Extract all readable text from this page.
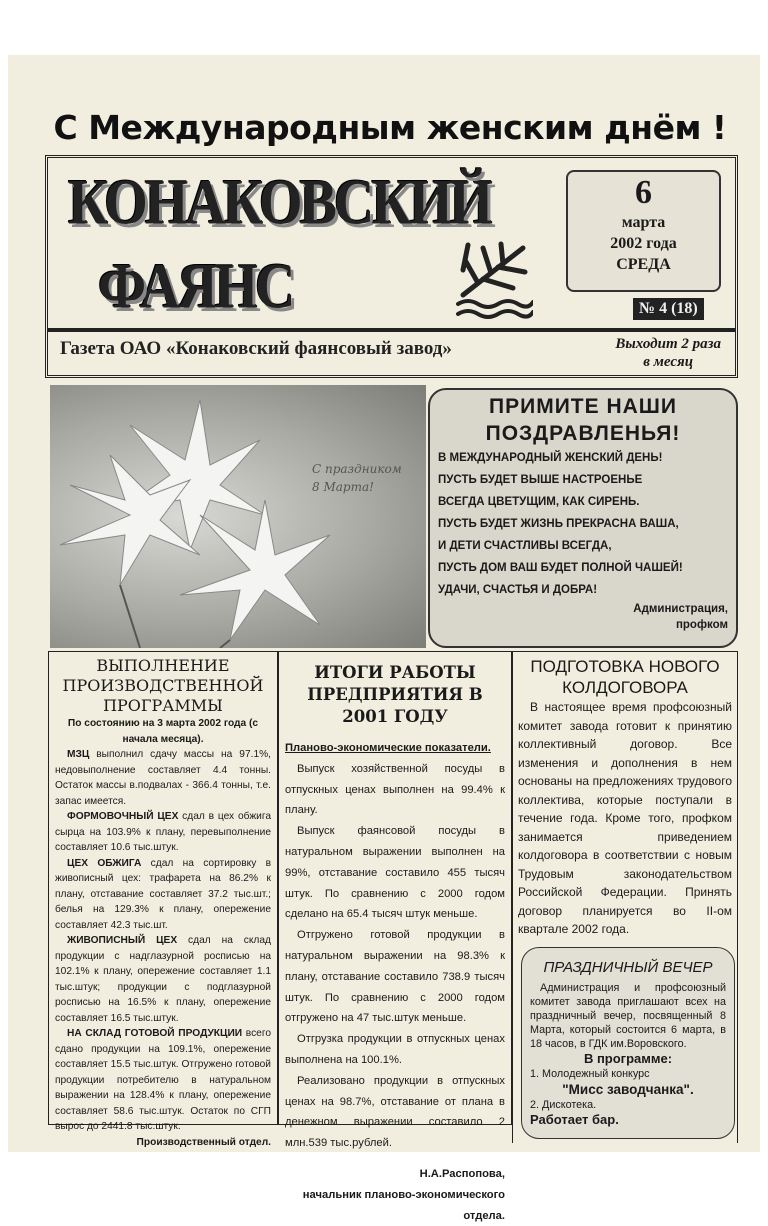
С Международным женским днём !
КОНАКОВСКИЙ
ФАЯНС
6
марта
2002 года
СРЕДА
№ 4 (18)
Газета ОАО «Конаковский фаянсовый завод»	Выходит 2 раза
в месяц
С праздником
8 Марта!
ПРИМИТЕ НАШИ
ПОЗДРАВЛЕНЬЯ!

В МЕЖДУНАРОДНЫЙ ЖЕНСКИЙ ДЕНЬ!
ПУСТЬ БУДЕТ ВЫШЕ НАСТРОЕНЬЕ
ВСЕГДА ЦВЕТУЩИМ, КАК СИРЕНЬ.
ПУСТЬ БУДЕТ ЖИЗНЬ ПРЕКРАСНА ВАША,
И ДЕТИ СЧАСТЛИВЫ ВСЕГДА,
ПУСТЬ ДОМ ВАШ БУДЕТ ПОЛНОЙ ЧАШЕЙ!
УДАЧИ, СЧАСТЬЯ И ДОБРА!

Администрация,
профком
ВЫПОЛНЕНИЕ ПРОИЗВОДСТВЕННОЙ ПРОГРАММЫ

По состоянию на 3 марта 2002 года (с начала месяца).

МЗЦ выполнил сдачу массы на 97.1%, недовыполнение составляет 4.4 тонны. Остаток массы в.подвалах - 366.4 тонны, т.е. запас имеется.

ФОРМОВОЧНЫЙ ЦЕХ сдал в цех обжига сырца на 103.9% к плану, перевыполнение составляет 10.6 тыс.штук.

ЦЕХ ОБЖИГА сдал на сортировку в живописный цех: трафарета на 86.2% к плану, отставание составляет 37.2 тыс.шт.; белья на 129.3% к плану, опережение составляет 42.3 тыс.шт.

ЖИВОПИСНЫЙ ЦЕХ сдал на склад продукции с надглазурной росписью на 102.1% к плану, опережение составляет 1.1 тыс.штук; продукции с подглазурной росписью на 16.5% к плану, опережение составляет 16.5 тыс.штук.

НА СКЛАД ГОТОВОЙ ПРОДУКЦИИ всего сдано продукции на 109.1%, опережение составляет 15.5 тыс.штук. Отгружено готовой продукции потребителю в натуральном выражении на 128.4% к плану, опережение составляет 58.6 тыс.штук. Остаток по СГП вырос до 2441.8 тыс.штук.

Производственный отдел.

ИТОГИ РАБОТЫ ПРЕДПРИЯТИЯ В 2001 ГОДУ

Планово-экономические показатели.

Выпуск хозяйственной посуды в отпускных ценах выполнен на 99.4% к плану.

Выпуск фаянсовой посуды в натуральном выражении выполнен на 99%, отставание составило 455 тысяч штук. По сравнению с 2000 годом сделано на 65.4 тысяч штук меньше.

Отгружено готовой продукции в натуральном выражении на 98.3% к плану, отставание составило 738.9 тысяч штук. По сравнению с 2000 годом отгружено на 47 тыс.штук меньше.

Отгрузка продукции в отпускных ценах выполнена на 100.1%.

Реализовано продукции в отпускных ценах на 98.7%, отставание от плана в денежном выражении составило 2 млн.539 тыс.рублей.

Н.А.Распопова,

начальник планово-экономического отдела.

ПОДГОТОВКА НОВОГО КОЛДОГОВОРА

В настоящее время профсоюзный комитет завода готовит к принятию коллективный договор. Все изменения и дополнения в нем основаны на предложениях трудового коллектива, которые поступали в течение года. Кроме того, профком занимается приведением колдоговора в соответствии с новым Трудовым законодательством Российской Федерации. Принять договор планируется во II-ом квартале 2002 года.

ПРАЗДНИЧНЫЙ ВЕЧЕР

Администрация и профсоюзный комитет завода приглашают всех на праздничный вечер, посвященный 8 Марта, который состоится 6 марта, в 18 часов, в ГДК им.Воровского.

В программе:

1. Молодежный конкурс

"Мисс заводчанка".

2. Дискотека.

Работает бар.
